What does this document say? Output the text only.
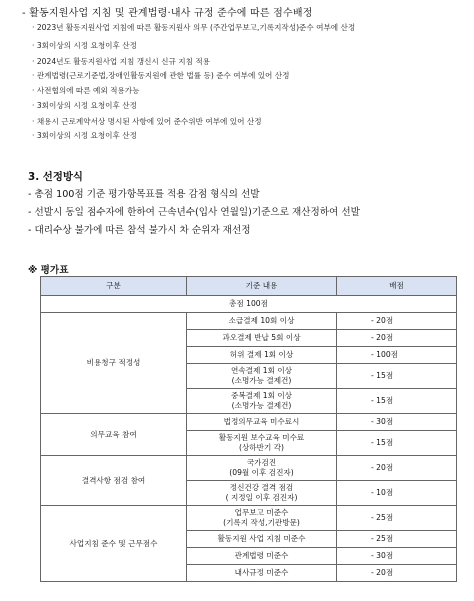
- 활동지원사업 지침 및 관계법령·내사 규정 준수에 따른 점수배정
· 2023년 활동지원사업 지침에 따른 활동지원사 의무 (주간업무보고,기록지작성)준수 여부에 산정
· 3회이상의 시정 요청이후 산정
· 2024년도 활동지원사업 지침 갱신시 신규 지침 적용
· 관계법령(근로기준법,장애인활동지원에 관한 법률 등) 준수 여부에 있어 산정
· 사전협의에 따른 예외 적용가능
· 3회이상의 시정 요청이후 산정
· 채용시 근로계약서상 명시된 사항에 있어 준수위반 여부에 있어 산정
· 3회이상의 시정 요청이후 산정
3. 선정방식
- 총점 100점 기준 평가항목표를 적용 감점 형식의 선발
- 선발시 동일 점수자에 한하여 근속년수(입사 연월일)기준으로 재산정하여 선발
- 대리수상 불가에 따른 참석 불가시 차 순위자 재선정
※ 평가표
구분	기준 내용	배점
총점 100점		
비용청구 적정성	소급결제 10회 이상	- 20점
	과오결제 반납 5회 이상	- 20점
	허위 결제 1회 이상	- 100점
	연속결제 1회 이상
(소명가능 결제건)	- 15점
	중복결제 1회 이상
(소명가능 결제건)	- 15점
의무교육 참여	법정의무교육 미수료시	- 30점
	활동지원 보수교육 미수료
(상하반기 각)	- 15점
결격사항 점검 참여	국가검진
(09월 이후 검진자)	- 20점
	정신건강 결격 점검
( 지정일 이후 검진자)	- 10점
사업지침 준수 및 근무점수	업무보고 미준수
(기록지 작성,기관방문)	- 25점
	활동지원 사업 지침 미준수	- 25점
	관계법령 미준수	- 30점
	내사규정 미준수	- 20점
